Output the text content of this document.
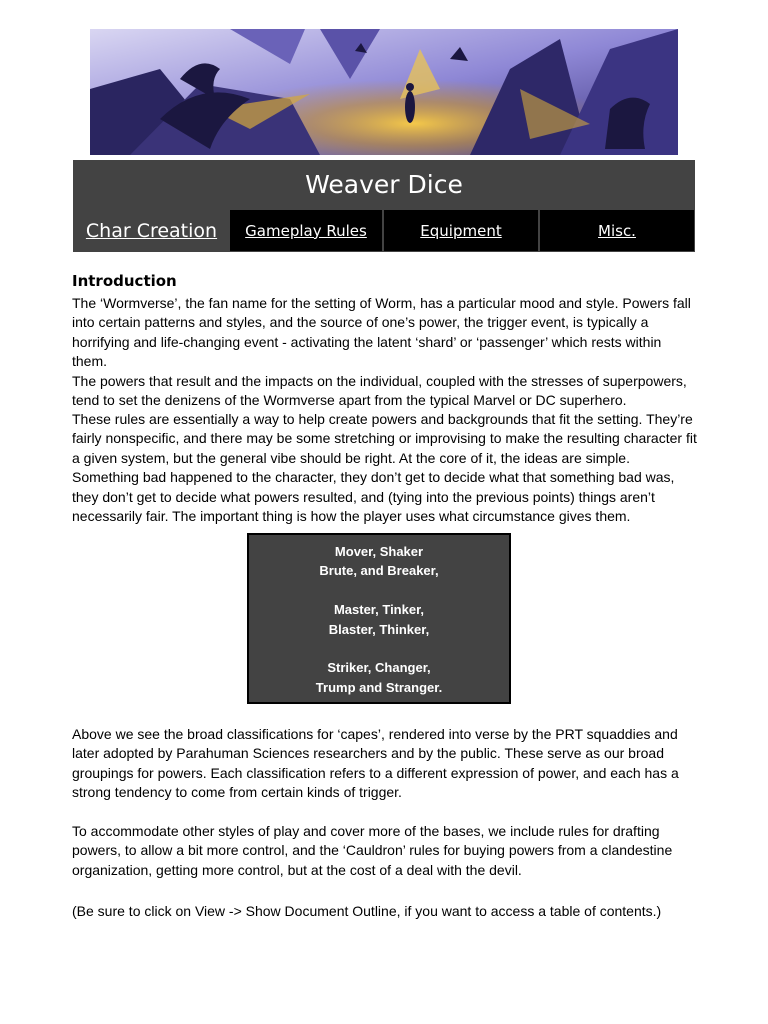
Weaver Dice
Char Creation	Gameplay Rules	Equipment	Misc.
Introduction

The ‘Wormverse’, the fan name for the setting of Worm, has a particular mood and style. Powers fall
into certain patterns and styles, and the source of one’s power, the trigger event, is typically a
horrifying and life-changing event - activating the latent ‘shard’ or ‘passenger’ which rests within them.
The powers that result and the impacts on the individual, coupled with the stresses of superpowers,
tend to set the denizens of the Wormverse apart from the typical Marvel or DC superhero.

These rules are essentially a way to help create powers and backgrounds that fit the setting. They’re
fairly nonspecific, and there may be some stretching or improvising to make the resulting character fit
a given system, but the general vibe should be right. At the core of it, the ideas are simple.
Something bad happened to the character, they don’t get to decide what that something bad was,
they don’t get to decide what powers resulted, and (tying into the previous points) things aren’t
necessarily fair. The important thing is how the player uses what circumstance gives them.

Mover, Shaker
Brute, and Breaker,
Master, Tinker,
Blaster, Thinker,
Striker, Changer,
Trump and Stranger.

Above we see the broad classifications for ‘capes’, rendered into verse by the PRT squaddies and
later adopted by Parahuman Sciences researchers and by the public. These serve as our broad
groupings for powers. Each classification refers to a different expression of power, and each has a
strong tendency to come from certain kinds of trigger.

To accommodate other styles of play and cover more of the bases, we include rules for drafting
powers, to allow a bit more control, and the ‘Cauldron’ rules for buying powers from a clandestine
organization, getting more control, but at the cost of a deal with the devil.

(Be sure to click on View -> Show Document Outline, if you want to access a table of contents.)
